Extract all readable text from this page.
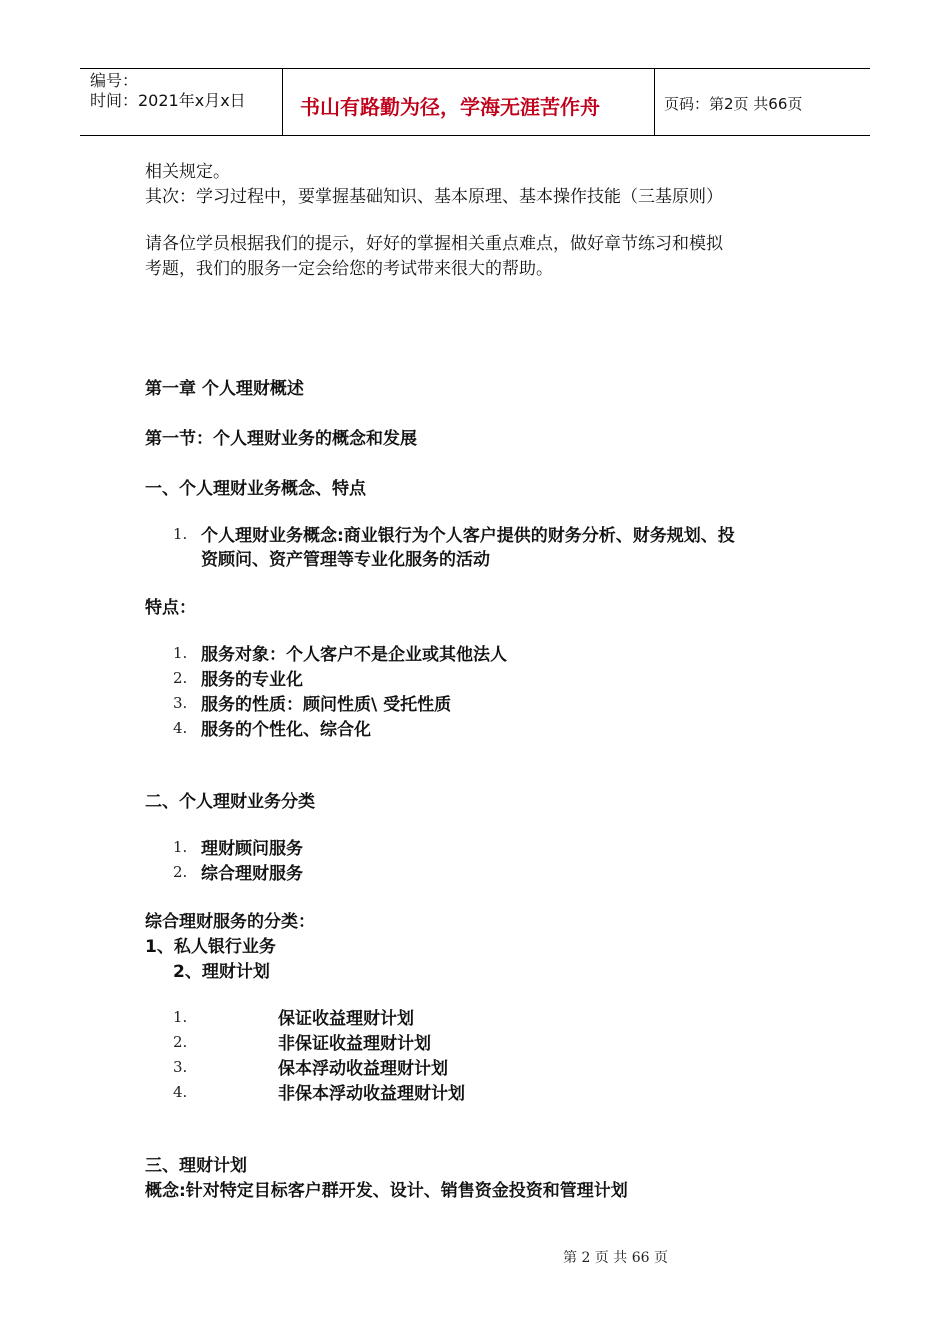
编号：
时间：2021年x月x日	书山有路勤为径，学海无涯苦作舟	页码：第2页 共66页
相关规定。
其次：学习过程中，要掌握基础知识、基本原理、基本操作技能（三基原则）
请各位学员根据我们的提示，好好的掌握相关重点难点，做好章节练习和模拟
考题，我们的服务一定会给您的考试带来很大的帮助。
第一章 个人理财概述
第一节：个人理财业务的概念和发展
一、个人理财业务概念、特点
1. 个人理财业务概念:商业银行为个人客户提供的财务分析、财务规划、投
资顾问、资产管理等专业化服务的活动
特点：
1. 服务对象：个人客户不是企业或其他法人
2. 服务的专业化
3. 服务的性质：顾问性质\ 受托性质
4. 服务的个性化、综合化
二、个人理财业务分类
1. 理财顾问服务
2. 综合理财服务
综合理财服务的分类：
1、私人银行业务
2、理财计划
1.	保证收益理财计划
2.	非保证收益理财计划
3.	保本浮动收益理财计划
4.	非保本浮动收益理财计划
三、理财计划
概念:针对特定目标客户群开发、设计、销售资金投资和管理计划
第 2 页 共 66 页
